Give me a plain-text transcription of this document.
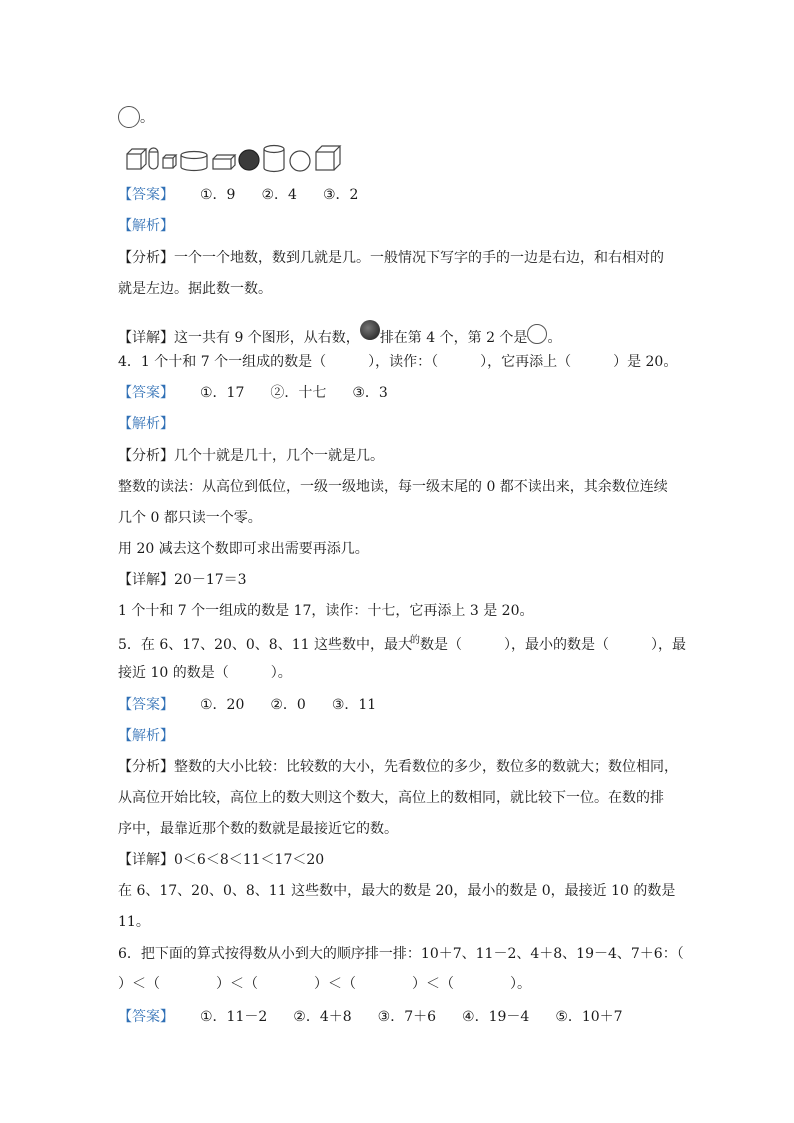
。
【答案】 ①．9 ②．4 ③．2
【解析】
【分析】一个一个地数，数到几就是几。一般情况下写字的手的一边是右边，和右相对的
就是左边。据此数一数。
【详解】这一共有 9 个图形，从右数， 排在第 4 个，第 2 个是 。
4．1 个十和 7 个一组成的数是（　　　），读作：（　　　），它再添上（　　　）是 20。
【答案】 ①．17 ②．十七 ③．3
【解析】
【分析】几个十就是几十，几个一就是几。
整数的读法：从高位到低位，一级一级地读，每一级末尾的 0 都不读出来，其余数位连续
几个 0 都只读一个零。
用 20 减去这个数即可求出需要再添几。
【详解】20－17＝3
1 个十和 7 个一组成的数是 17，读作：十七，它再添上 3 是 20。
5．在 6、17、20、0、8、11 这些数中，最大$^的$数是（　　　），最小的数是（　　　），最
接近 10 的数是（　　　）。
【答案】 ①．20 ②．0 ③．11
【解析】
【分析】整数的大小比较：比较数的大小，先看数位的多少，数位多的数就大；数位相同，
从高位开始比较，高位上的数大则这个数大，高位上的数相同，就比较下一位。在数的排
序中，最靠近那个数的数就是最接近它的数。
【详解】0＜6＜8＜11＜17＜20
在 6、17、20、0、8、11 这些数中，最大的数是 20，最小的数是 0，最接近 10 的数是
11。
6．把下面的算式按得数从小到大的顺序排一排：10＋7、11－2、4＋8、19－4、7＋6：（
）＜（　　　　）＜（　　　　）＜（　　　　）＜（　　　　）。
【答案】 ①．11－2 ②．4＋8 ③．7＋6 ④．19－4 ⑤．10＋7
